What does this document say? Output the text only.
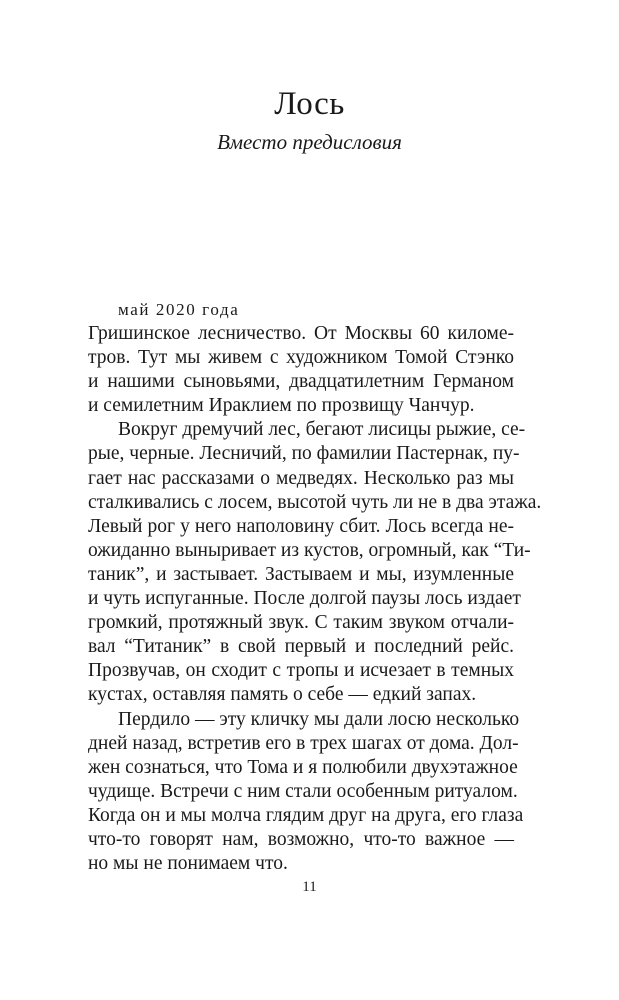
Лось
Вместо предисловия
май 2020 года
Гришинское лесничество. От Москвы 60 киломе-
тров. Тут мы живем с художником Томой Стэнко
и нашими сыновьями, двадцатилетним Германом
и семилетним Ираклием по прозвищу Чанчур.
Вокруг дремучий лес, бегают лисицы рыжие, се-
рые, черные. Лесничий, по фамилии Пастернак, пу-
гает нас рассказами о медведях. Несколько раз мы
сталкивались с лосем, высотой чуть ли не в два этажа.
Левый рог у него наполовину сбит. Лось всегда не-
ожиданно выныривает из кустов, огромный, как “Ти-
таник”, и застывает. Застываем и мы, изумленные
и чуть испуганные. После долгой паузы лось издает
громкий, протяжный звук. С таким звуком отчали-
вал “Титаник” в свой первый и последний рейс.
Прозвучав, он сходит с тропы и исчезает в темных
кустах, оставляя память о себе — едкий запах.
Пердило — эту кличку мы дали лосю несколько
дней назад, встретив его в трех шагах от дома. Дол-
жен сознаться, что Тома и я полюбили двухэтажное
чудище. Встречи с ним стали особенным ритуалом.
Когда он и мы молча глядим друг на друга, его глаза
что-то говорят нам, возможно, что-то важное —
но мы не понимаем что.
11
